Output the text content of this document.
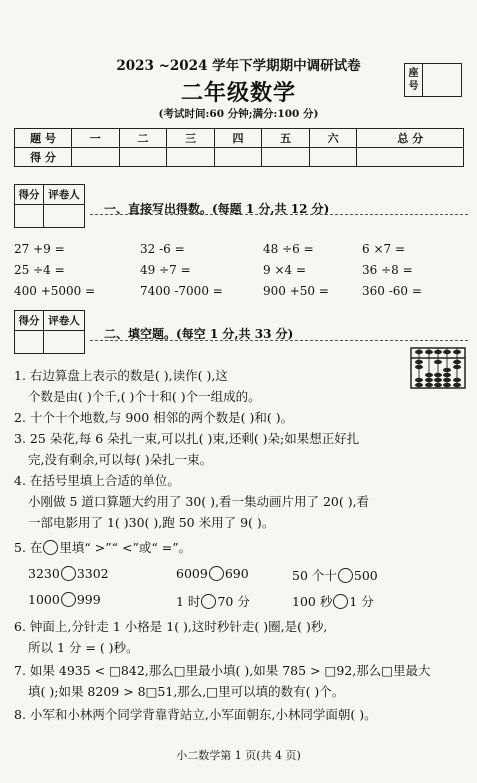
2023 ~2024 学年下学期期中调研试卷
二年级数学
(考试时间:60 分钟;满分:100 分)
座号
题 号	一	二	三	四	五	六	总 分
得 分							
得分	评卷人

一、直接写出得数。(每题 1 分,共 12 分)
27 +9 =	32 -6 =	48 ÷6 =	6 ×7 =
25 ÷4 =	49 ÷7 =	9 ×4 =	36 ÷8 =
400 +5000 =	7400 -7000 =	900 +50 =	360 -60 =
得分	评卷人

二、填空题。(每空 1 分,共 33 分)
1. 右边算盘上表示的数是( ),读作( ),这
个数是由( )个千,( )个十和( )个一组成的。
2. 十个十个地数,与 900 相邻的两个数是( )和( )。
3. 25 朵花,每 6 朵扎一束,可以扎( )束,还剩( )朵;如果想正好扎
完,没有剩余,可以每( )朵扎一束。
4. 在括号里填上合适的单位。
小刚做 5 道口算题大约用了 30( ),看一集动画片用了 20( ),看
一部电影用了 1( )30( ),跑 50 米用了 9( )。
5. 在 里填“ >”“ <”或“ =”。
3230 3302	6009 690	50 个十 500
1000 999	1 时 70 分	100 秒 1 分
6. 钟面上,分针走 1 小格是 1( ),这时秒针走( )圈,是( )秒,
所以 1 分 = ( )秒。
7. 如果 4935 < □842,那么□里最小填( ),如果 785 > □92,那么□里最大
填( );如果 8209 > 8□51,那么,□里可以填的数有( )个。
8. 小军和小林两个同学背靠背站立,小军面朝东,小林同学面朝( )。
小二数学第 1 页(共 4 页)
